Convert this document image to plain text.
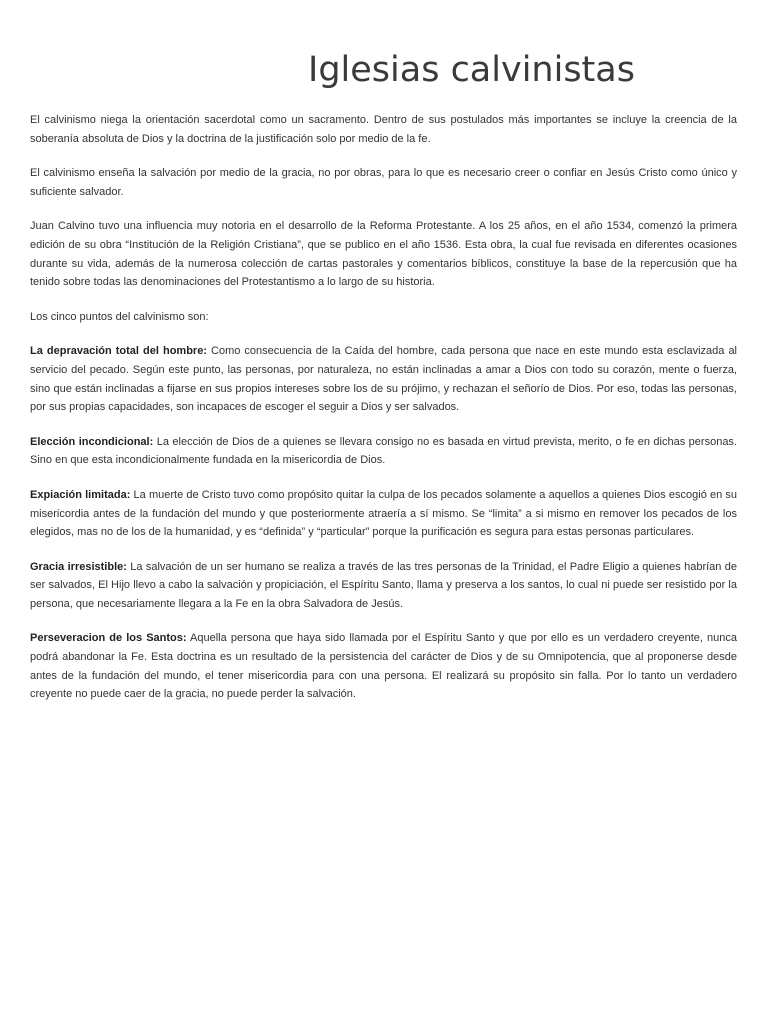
Iglesias calvinistas

El calvinismo niega la orientación sacerdotal como un sacramento. Dentro de sus postulados más importantes se incluye la creencia de la soberanía absoluta de Dios y la doctrina de la justificación solo por medio de la fe.

El calvinismo enseña la salvación por medio de la gracia, no por obras, para lo que es necesario creer o confiar en Jesús Cristo como único y suficiente salvador.

Juan Calvino tuvo una influencia muy notoria en el desarrollo de la Reforma Protestante. A los 25 años, en el año 1534, comenzó la primera edición de su obra “Institución de la Religión Cristiana”, que se publico en el año 1536. Esta obra, la cual fue revisada en diferentes ocasiones durante su vida, además de la numerosa colección de cartas pastorales y comentarios bíblicos, constituye la base de la repercusión que ha tenido sobre todas las denominaciones del Protestantismo a lo largo de su historia.

Los cinco puntos del calvinismo son:

La depravación total del hombre: Como consecuencia de la Caída del hombre, cada persona que nace en este mundo esta esclavizada al servicio del pecado. Según este punto, las personas, por naturaleza, no están inclinadas a amar a Dios con todo su corazón, mente o fuerza, sino que están inclinadas a fijarse en sus propios intereses sobre los de su prójimo, y rechazan el señorío de Dios. Por eso, todas las personas, por sus propias capacidades, son incapaces de escoger el seguir a Dios y ser salvados.

Elección incondicional: La elección de Dios de a quienes se llevara consigo no es basada en virtud prevista, merito, o fe en dichas personas. Sino en que esta incondicionalmente fundada en la misericordia de Dios.

Expiación limitada: La muerte de Cristo tuvo como propósito quitar la culpa de los pecados solamente a aquellos a quienes Dios escogió en su misericordia antes de la fundación del mundo y que posteriormente atraería a sí mismo. Se “limita” a si mismo en remover los pecados de los elegidos, mas no de los de la humanidad, y es “definida” y “particular” porque la purificación es segura para estas personas particulares.

Gracia irresistible: La salvación de un ser humano se realiza a través de las tres personas de la Trinidad, el Padre Eligio a quienes habrían de ser salvados, El Hijo llevo a cabo la salvación y propiciación, el Espíritu Santo, llama y preserva a los santos, lo cual ni puede ser resistido por la persona, que necesariamente llegara a la Fe en la obra Salvadora de Jesús.

Perseveracion de los Santos: Aquella persona que haya sido llamada por el Espíritu Santo y que por ello es un verdadero creyente, nunca podrá abandonar la Fe. Esta doctrina es un resultado de la persistencia del carácter de Dios y de su Omnipotencia, que al proponerse desde antes de la fundación del mundo, el tener misericordia para con una persona. El realizará su propósito sin falla. Por lo tanto un verdadero creyente no puede caer de la gracia, no puede perder la salvación.
